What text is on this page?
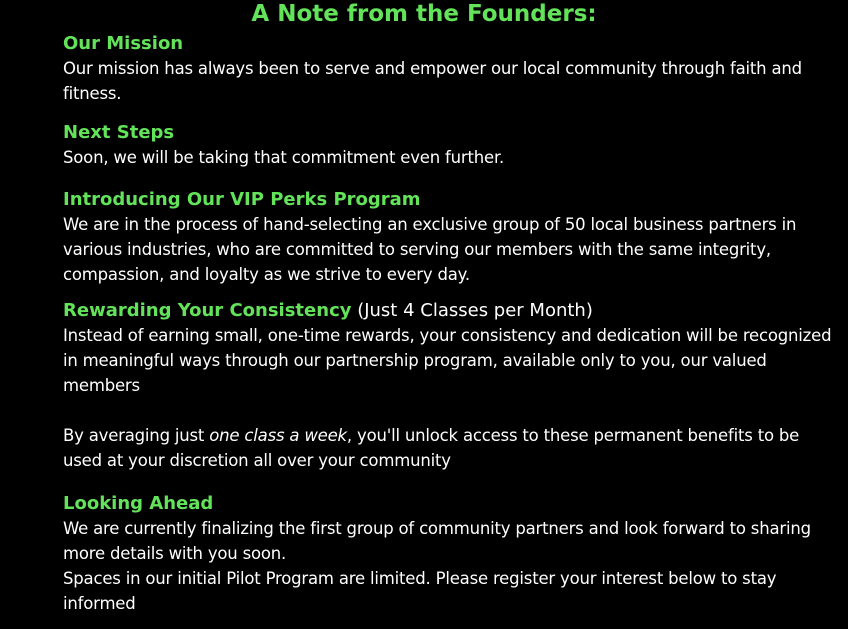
A Note from the Founders:

Our Mission

Our mission has always been to serve and empower our local community through faith and fitness.

Next Steps

Soon, we will be taking that commitment even further.

Introducing Our VIP Perks Program

We are in the process of hand-selecting an exclusive group of 50 local business partners in various industries, who are committed to serving our members with the same integrity, compassion, and loyalty as we strive to every day.

Rewarding Your Consistency (Just 4 Classes per Month)

Instead of earning small, one-time rewards, your consistency and dedication will be recognized in meaningful ways through our partnership program, available only to you, our valued members

By averaging just one class a week, you'll unlock access to these permanent benefits to be used at your discretion all over your community

Looking Ahead

We are currently finalizing the first group of community partners and look forward to sharing more details with you soon.

Spaces in our initial Pilot Program are limited. Please register your interest below to stay informed
